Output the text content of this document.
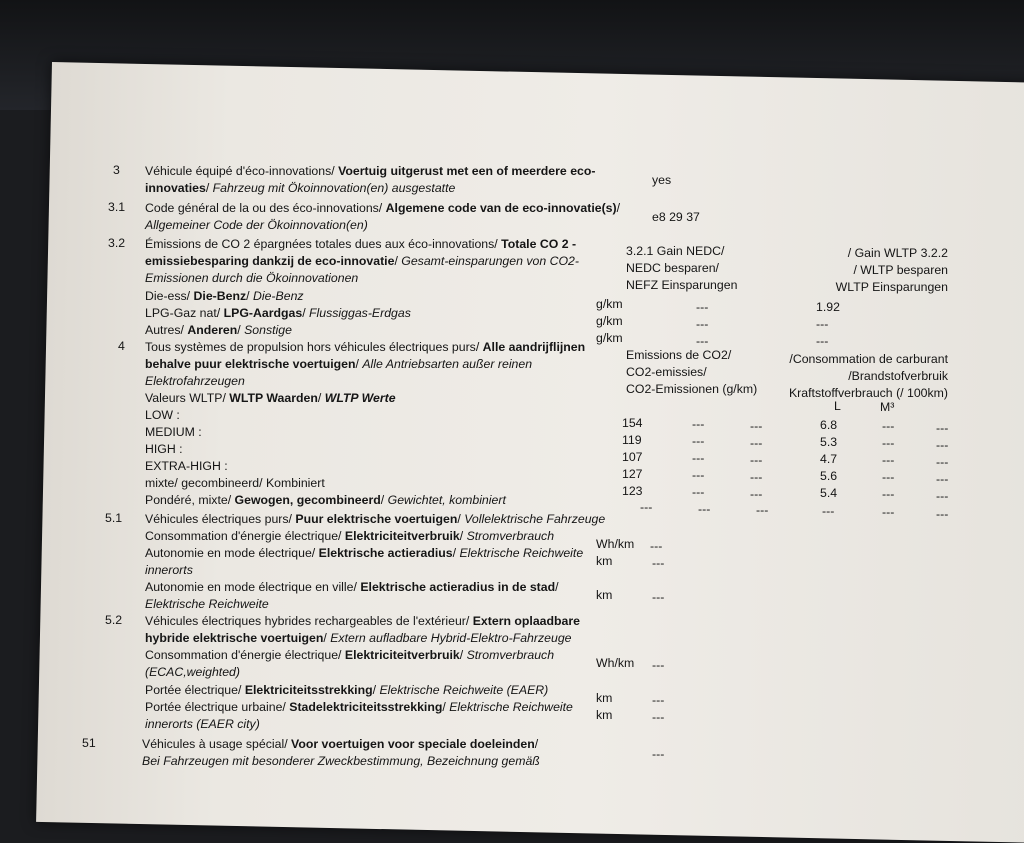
3 Véhicule équipé d'éco-innovations/ Voertuig uitgerust met een of meerdere eco-
innovaties/ Fahrzeug mit Ökoinnovation(en) ausgestatte
yes
3.1 Code général de la ou des éco-innovations/ Algemene code van de eco-innovatie(s)/
Allgemeiner Code der Ökoinnovation(en)
e8 29 37
3.2 Émissions de CO 2 épargnées totales dues aux éco-innovations/ Totale CO 2 -
emissiebesparing dankzij de eco-innovatie/ Gesamt-einsparungen von CO2-
Emissionen durch die Ökoinnovationen
3.2.1 Gain NEDC/
NEDC besparen/
NEFZ Einsparungen
3.2.2 Gain WLTP /
WLTP besparen /
WLTP Einsparungen
Die-ess/ Die-Benz/ Die-Benz
g/km	---	1.92
LPG-Gaz nat/ LPG-Aardgas/ Flussiggas-Erdgas
g/km	---	---
Autres/ Anderen/ Sonstige
g/km	---	---
4 Tous systèmes de propulsion hors véhicules électriques purs/ Alle aandrijflijnen
behalve puur elektrische voertuigen/ Alle Antriebsarten außer reinen
Elektrofahrzeugen
Valeurs WLTP/ WLTP Waarden/ WLTP Werte
Emissions de CO2/
CO2-emissies/
CO2-Emissionen (g/km)
Consommation de carburant/
Brandstofverbruik/
Kraftstoffverbrauch (/ 100km)
L	M³
LOW :
154	---	---	6.8	---	---
MEDIUM :
119	---	---	5.3	---	---
HIGH :
107	---	---	4.7	---	---
EXTRA-HIGH :
127	---	---	5.6	---	---
mixte/ gecombineerd/ Kombiniert
123	---	---	5.4	---	---
Pondéré, mixte/ Gewogen, gecombineerd/ Gewichtet, kombiniert
---	---	---	---	---	---
5.1 Véhicules électriques purs/ Puur elektrische voertuigen/ Vollelektrische Fahrzeuge
Consommation d'énergie électrique/ Elektriciteitverbruik/ Stromverbrauch
Wh/km ---
Autonomie en mode électrique/ Elektrische actieradius/ Elektrische Reichweite
innerorts
km	---
Autonomie en mode électrique en ville/ Elektrische actieradius in de stad/
Elektrische Reichweite
km	---
5.2 Véhicules électriques hybrides rechargeables de l'extérieur/ Extern oplaadbare
hybride elektrische voertuigen/ Extern aufladbare Hybrid-Elektro-Fahrzeuge
Consommation d'énergie électrique/ Elektriciteitverbruik/ Stromverbrauch
(ECAC,weighted)
Wh/km ---
Portée électrique/ Elektriciteitsstrekking/ Elektrische Reichweite (EAER)
km	---
Portée électrique urbaine/ Stadelektriciteitsstrekking/ Elektrische Reichweite
innerorts (EAER city)
km	---
51	Véhicules à usage spécial/ Voor voertuigen voor speciale doeleinden/
Bei Fahrzeugen mit besonderer Zweckbestimmung, Bezeichnung gemäß
---
